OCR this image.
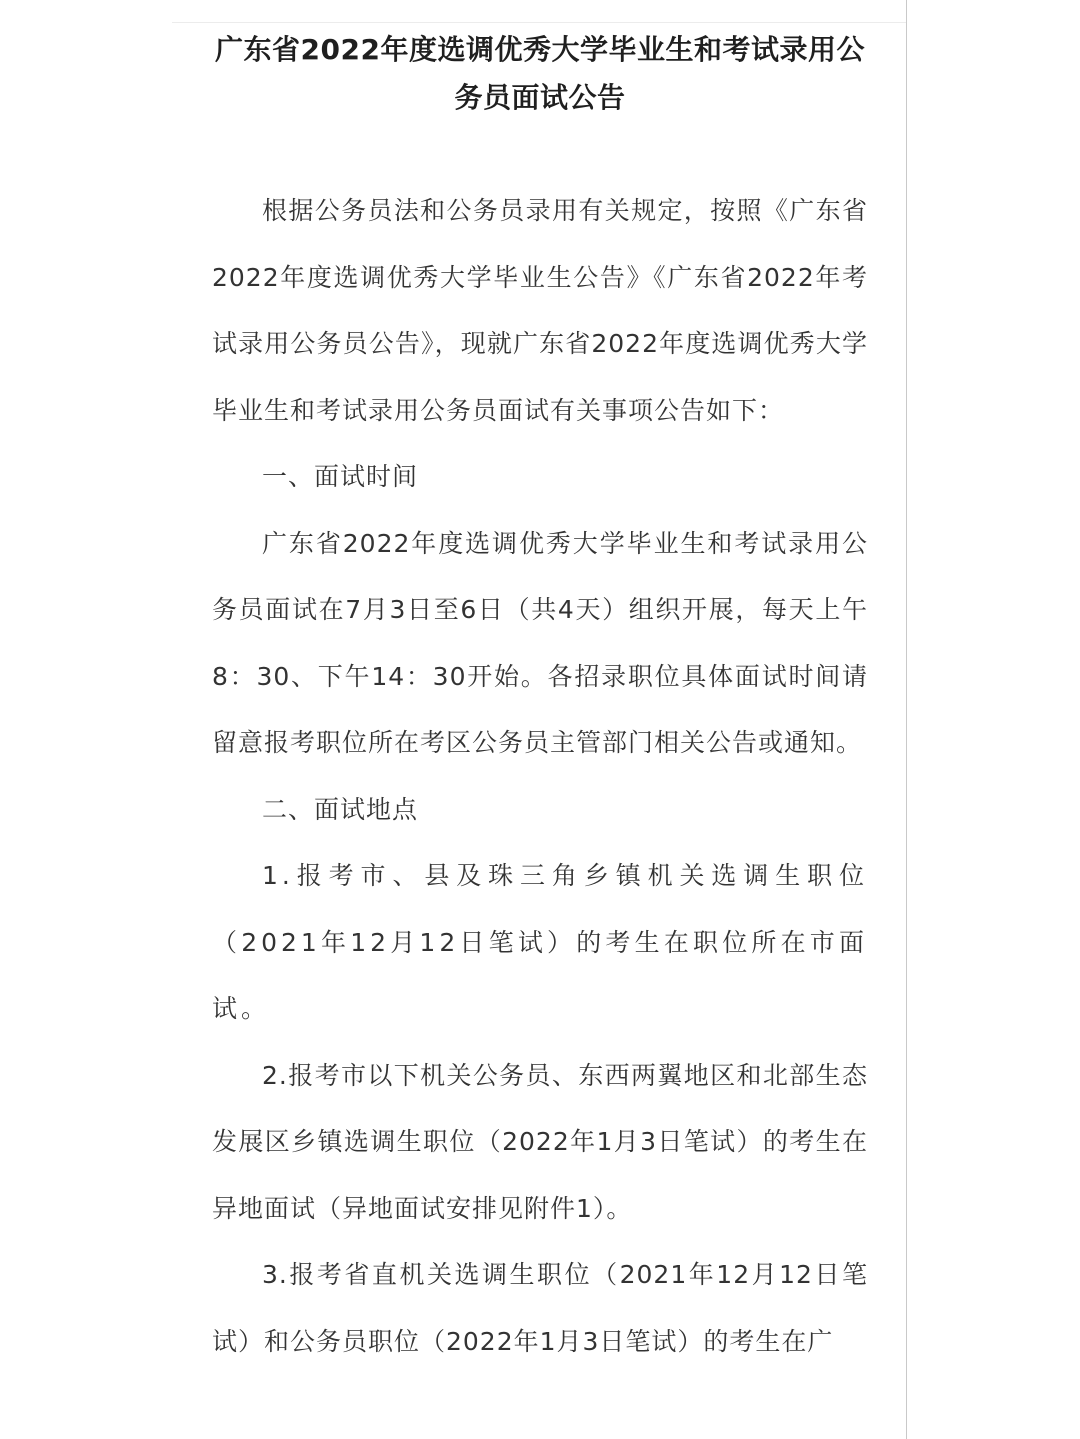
广东省2022年度选调优秀大学毕业生和考试录用公务员面试公告

根据公务员法和公务员录用有关规定，按照《广东省2022年度选调优秀大学毕业生公告》《广东省2022年考试录用公务员公告》，现就广东省2022年度选调优秀大学毕业生和考试录用公务员面试有关事项公告如下：

一、面试时间

广东省2022年度选调优秀大学毕业生和考试录用公务员面试在7月3日至6日（共4天）组织开展，每天上午8：30、下午14：30开始。各招录职位具体面试时间请留意报考职位所在考区公务员主管部门相关公告或通知。

二、面试地点

1.报考市、县及珠三角乡镇机关选调生职位（2021年12月12日笔试）的考生在职位所在市面试。

2.报考市以下机关公务员、东西两翼地区和北部生态发展区乡镇选调生职位（2022年1月3日笔试）的考生在异地面试（异地面试安排见附件1）。

3.报考省直机关选调生职位（2021年12月12日笔试）和公务员职位（2022年1月3日笔试）的考生在广
